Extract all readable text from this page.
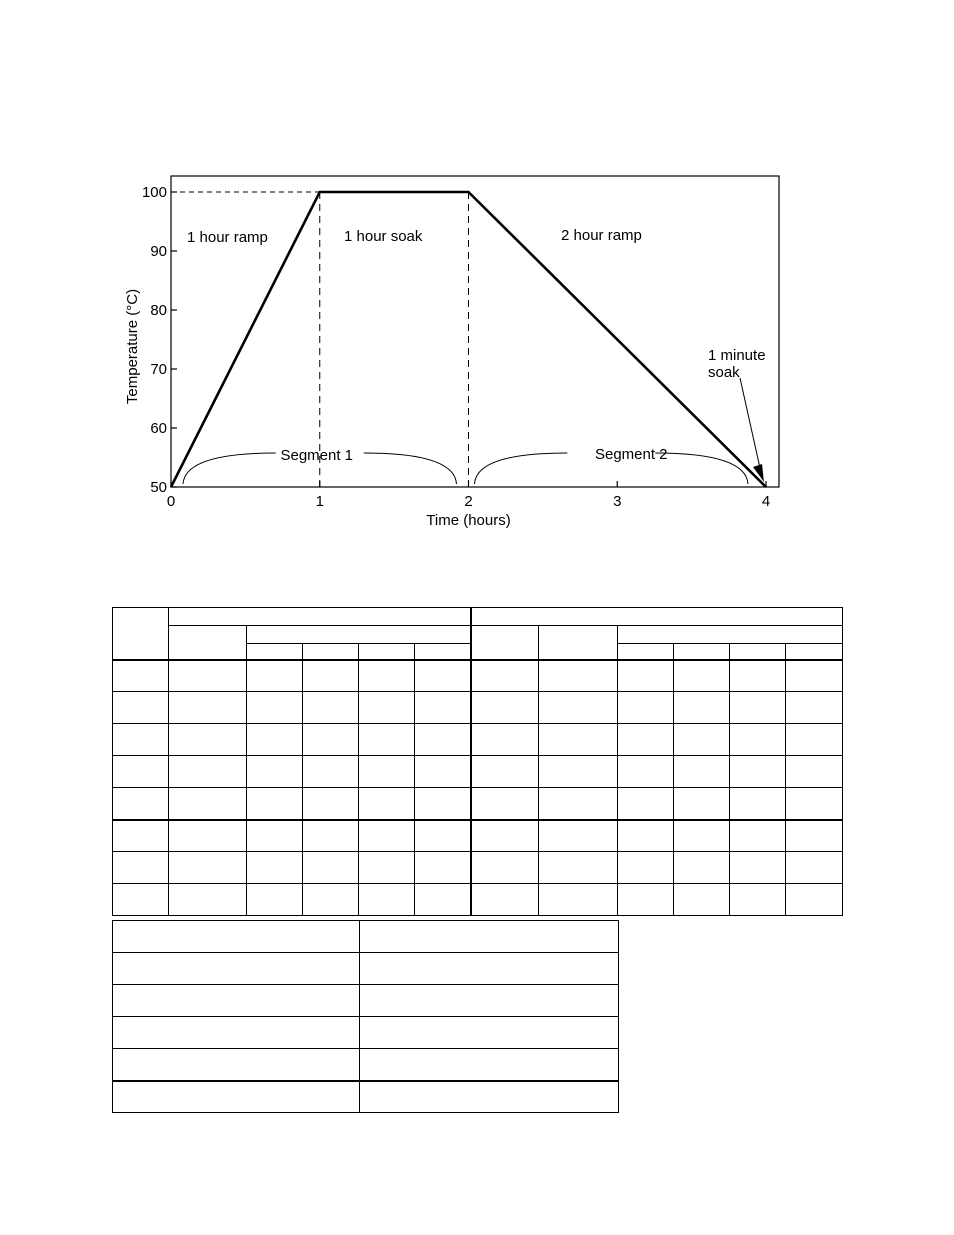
50
60
70
80
90
100
0	1	2	3	4
Time (hours)
Temperature (°C)
1 hour ramp	1 hour soak	2 hour ramp
1 minute
soak
Segment 1	Segment 2
